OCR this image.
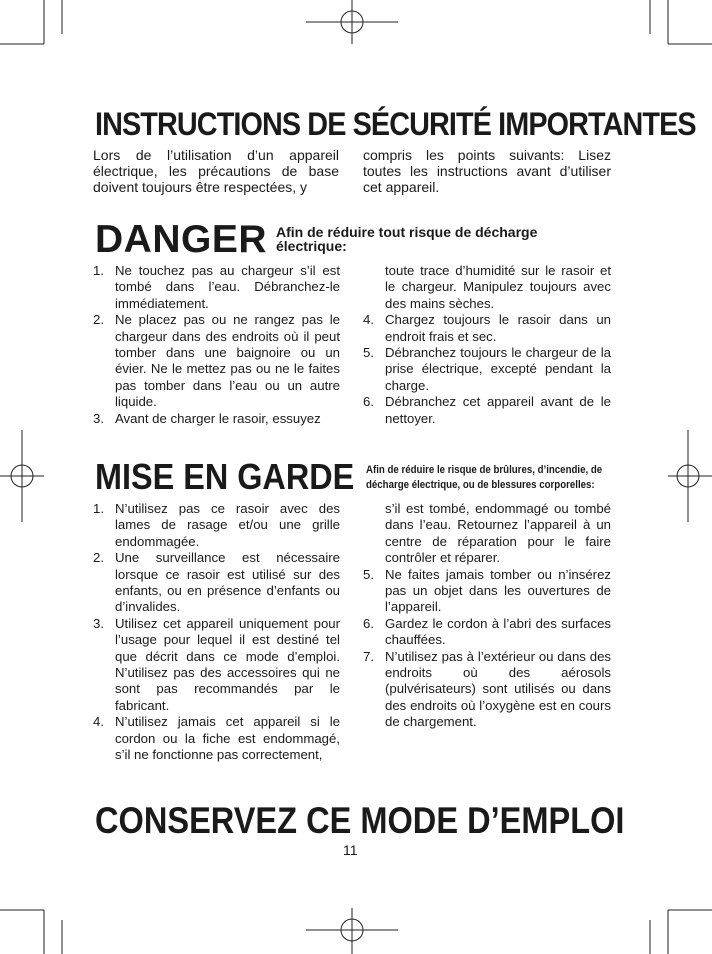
INSTRUCTIONS DE SÉCURITÉ IMPORTANTES

Lors de l’utilisation d’un appareil électrique, les précautions de base doivent toujours être respectées, y

compris les points suivants: Lisez toutes les instructions avant d’utiliser cet appareil.

DANGER Afin de réduire tout risque de décharge électrique:
1. Ne touchez pas au chargeur s’il est tombé dans l’eau. Débranchez-le immédiatement.
2. Ne placez pas ou ne rangez pas le chargeur dans des endroits où il peut tomber dans une baignoire ou un évier. Ne le mettez pas ou ne le faites pas tomber dans l’eau ou un autre liquide.
3. Avant de charger le rasoir, essuyez

toute trace d’humidité sur le rasoir et le chargeur. Manipulez toujours avec des mains sèches.

4. Chargez toujours le rasoir dans un endroit frais et sec.
5. Débranchez toujours le chargeur de la prise électrique, excepté pendant la charge.
6. Débranchez cet appareil avant de le nettoyer.
MISE EN GARDE Afin de réduire le risque de brûlures, d’incendie, de décharge électrique, ou de blessures corporelles:
1. N’utilisez pas ce rasoir avec des lames de rasage et/ou une grille endommagée.
2. Une surveillance est nécessaire lorsque ce rasoir est utilisé sur des enfants, ou en présence d’enfants ou d’invalides.
3. Utilisez cet appareil uniquement pour l’usage pour lequel il est destiné tel que décrit dans ce mode d’emploi. N’utilisez pas des accessoires qui ne sont pas recommandés par le fabricant.
4. N’utilisez jamais cet appareil si le cordon ou la fiche est endommagé, s’il ne fonctionne pas correctement,

s’il est tombé, endommagé ou tombé dans l’eau. Retournez l’appareil à un centre de réparation pour le faire contrôler et réparer.

5. Ne faites jamais tomber ou n’insérez pas un objet dans les ouvertures de l’appareil.
6. Gardez le cordon à l’abri des surfaces chauffées.
7. N’utilisez pas à l’extérieur ou dans des endroits où des aérosols (pulvérisateurs) sont utilisés ou dans des endroits où l’oxygène est en cours de chargement.
CONSERVEZ CE MODE D’EMPLOI
11
